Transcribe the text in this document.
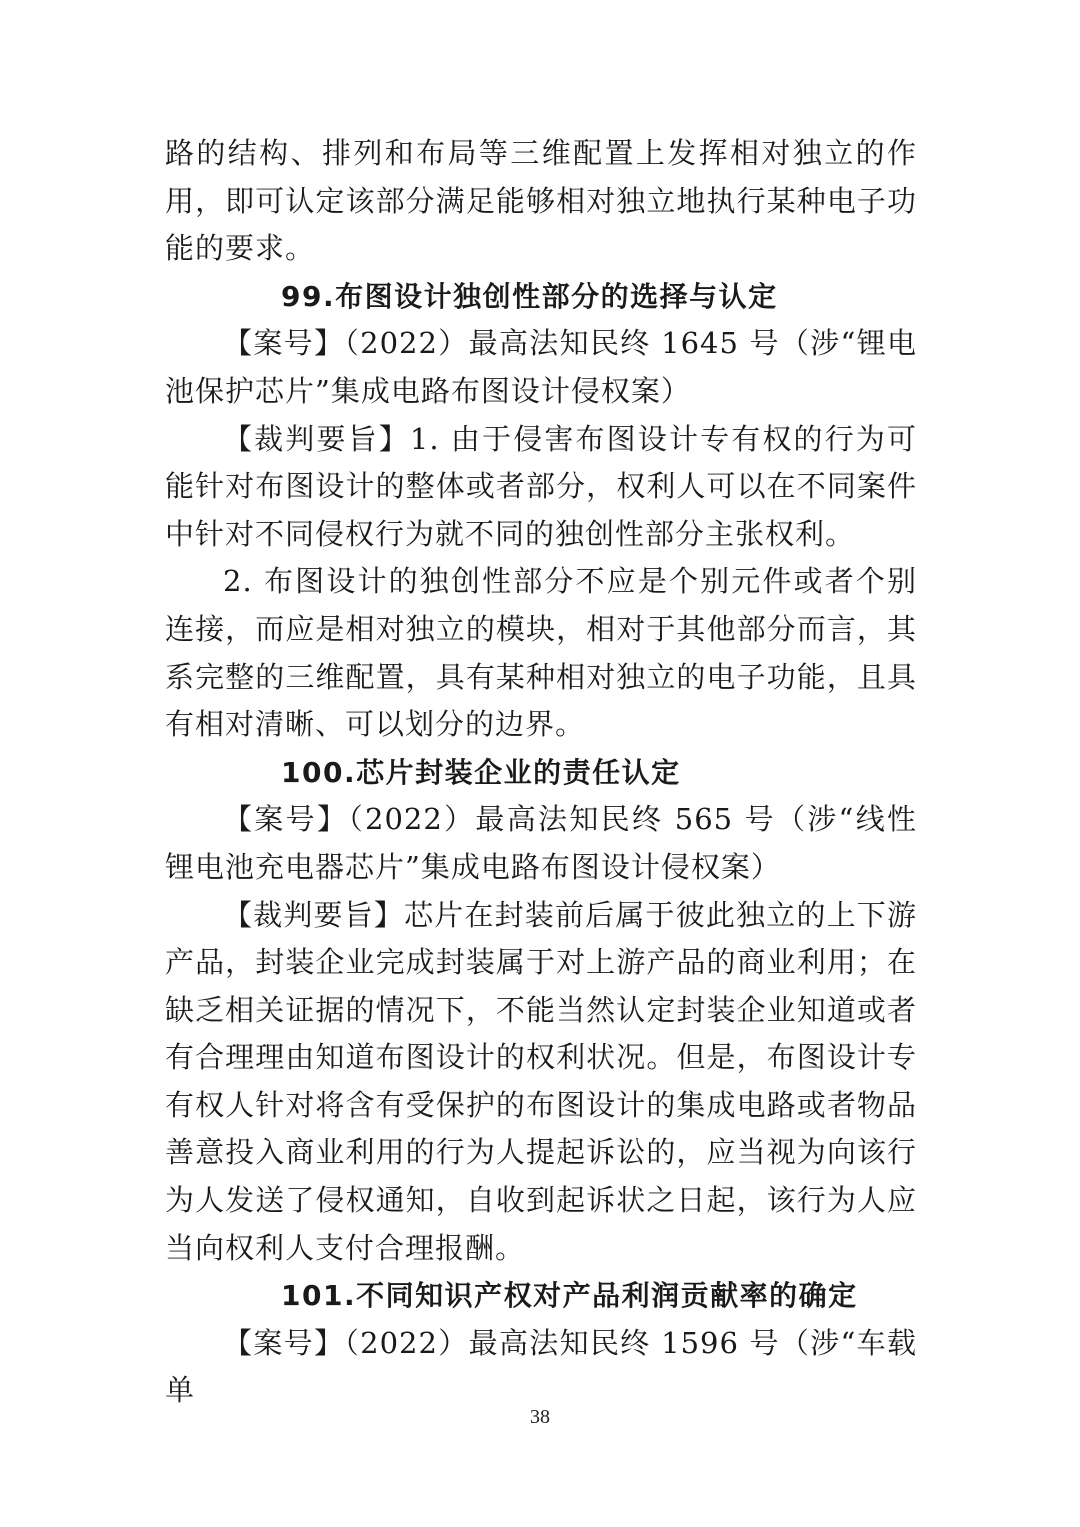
路的结构、排列和布局等三维配置上发挥相对独立的作用，即可认定该部分满足能够相对独立地执行某种电子功能的要求。

99.布图设计独创性部分的选择与认定

【案号】（2022）最高法知民终 1645 号（涉“锂电池保护芯片”集成电路布图设计侵权案）

【裁判要旨】1. 由于侵害布图设计专有权的行为可能针对布图设计的整体或者部分，权利人可以在不同案件中针对不同侵权行为就不同的独创性部分主张权利。

2. 布图设计的独创性部分不应是个别元件或者个别连接，而应是相对独立的模块，相对于其他部分而言，其系完整的三维配置，具有某种相对独立的电子功能，且具有相对清晰、可以划分的边界。

100.芯片封装企业的责任认定

【案号】（2022）最高法知民终 565 号（涉“线性锂电池充电器芯片”集成电路布图设计侵权案）

【裁判要旨】芯片在封装前后属于彼此独立的上下游产品，封装企业完成封装属于对上游产品的商业利用；在缺乏相关证据的情况下，不能当然认定封装企业知道或者有合理理由知道布图设计的权利状况。但是，布图设计专有权人针对将含有受保护的布图设计的集成电路或者物品善意投入商业利用的行为人提起诉讼的，应当视为向该行为人发送了侵权通知，自收到起诉状之日起，该行为人应当向权利人支付合理报酬。

101.不同知识产权对产品利润贡献率的确定

【案号】（2022）最高法知民终 1596 号（涉“车载单

38
